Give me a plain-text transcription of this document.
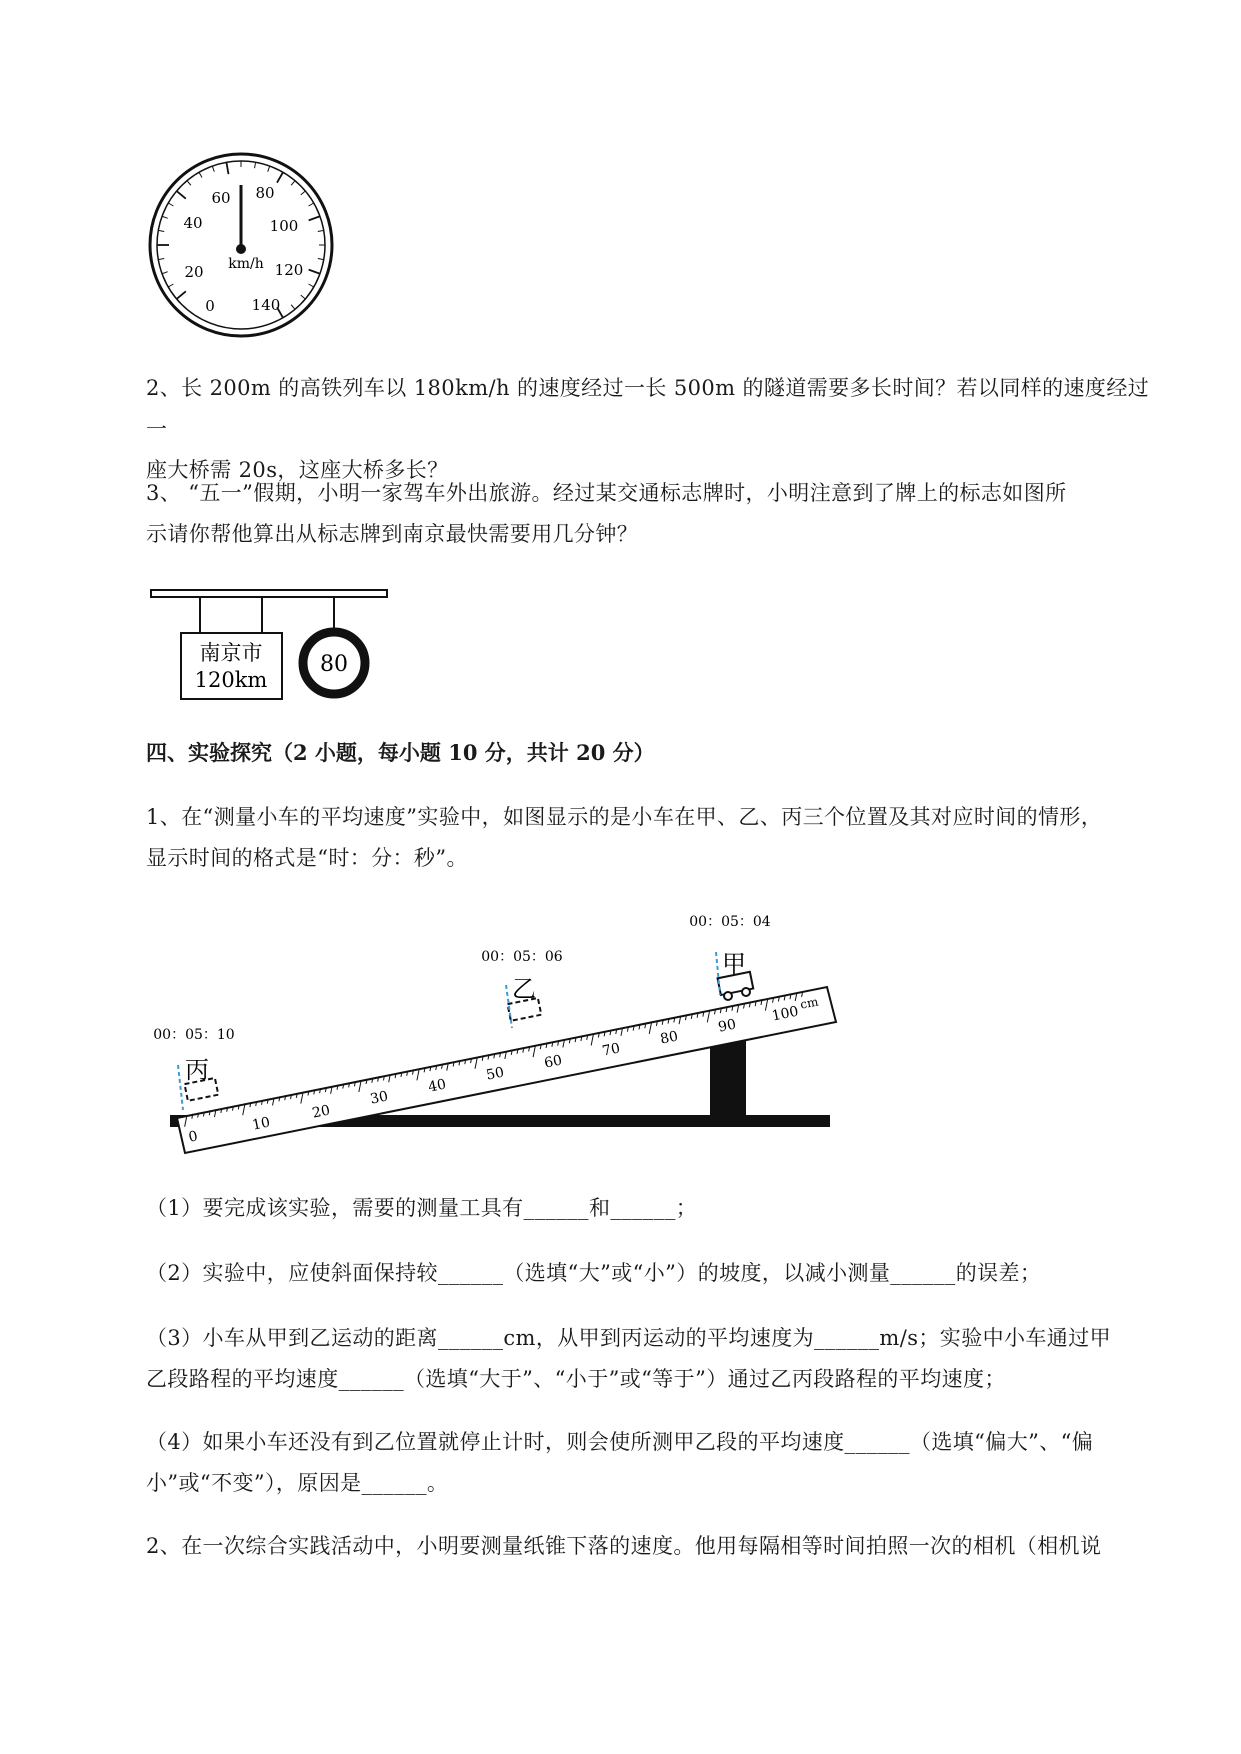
0
20
40
60 80
100
120
140
km/h
2、长 200m 的高铁列车以 180km/h 的速度经过一长 500m 的隧道需要多长时间？若以同样的速度经过一
座大桥需 20s，这座大桥多长？
3、 “五一”假期，小明一家驾车外出旅游。经过某交通标志牌时，小明注意到了牌上的标志如图所
示请你帮他算出从标志牌到南京最快需要用几分钟？
南京市
120km
80
四、实验探究（2 小题，每小题 10 分，共计 20 分）
1、在“测量小车的平均速度”实验中，如图显示的是小车在甲、乙、丙三个位置及其对应时间的情形，
显示时间的格式是“时：分：秒”。
0
10
20
30
40
50
60
70
80
90
100
cm
甲
00：05：04
乙
00：05：06
丙
00：05：10
（1）要完成该实验，需要的测量工具有______和______；
（2）实验中，应使斜面保持较______（选填“大”或“小”）的坡度，以减小测量______的误差；
（3）小车从甲到乙运动的距离______cm，从甲到丙运动的平均速度为______m/s；实验中小车通过甲
乙段路程的平均速度______（选填“大于”、“小于”或“等于”）通过乙丙段路程的平均速度；
（4）如果小车还没有到乙位置就停止计时，则会使所测甲乙段的平均速度______（选填“偏大”、“偏
小”或“不变”），原因是______。
2、在一次综合实践活动中，小明要测量纸锥下落的速度。他用每隔相等时间拍照一次的相机（相机说
